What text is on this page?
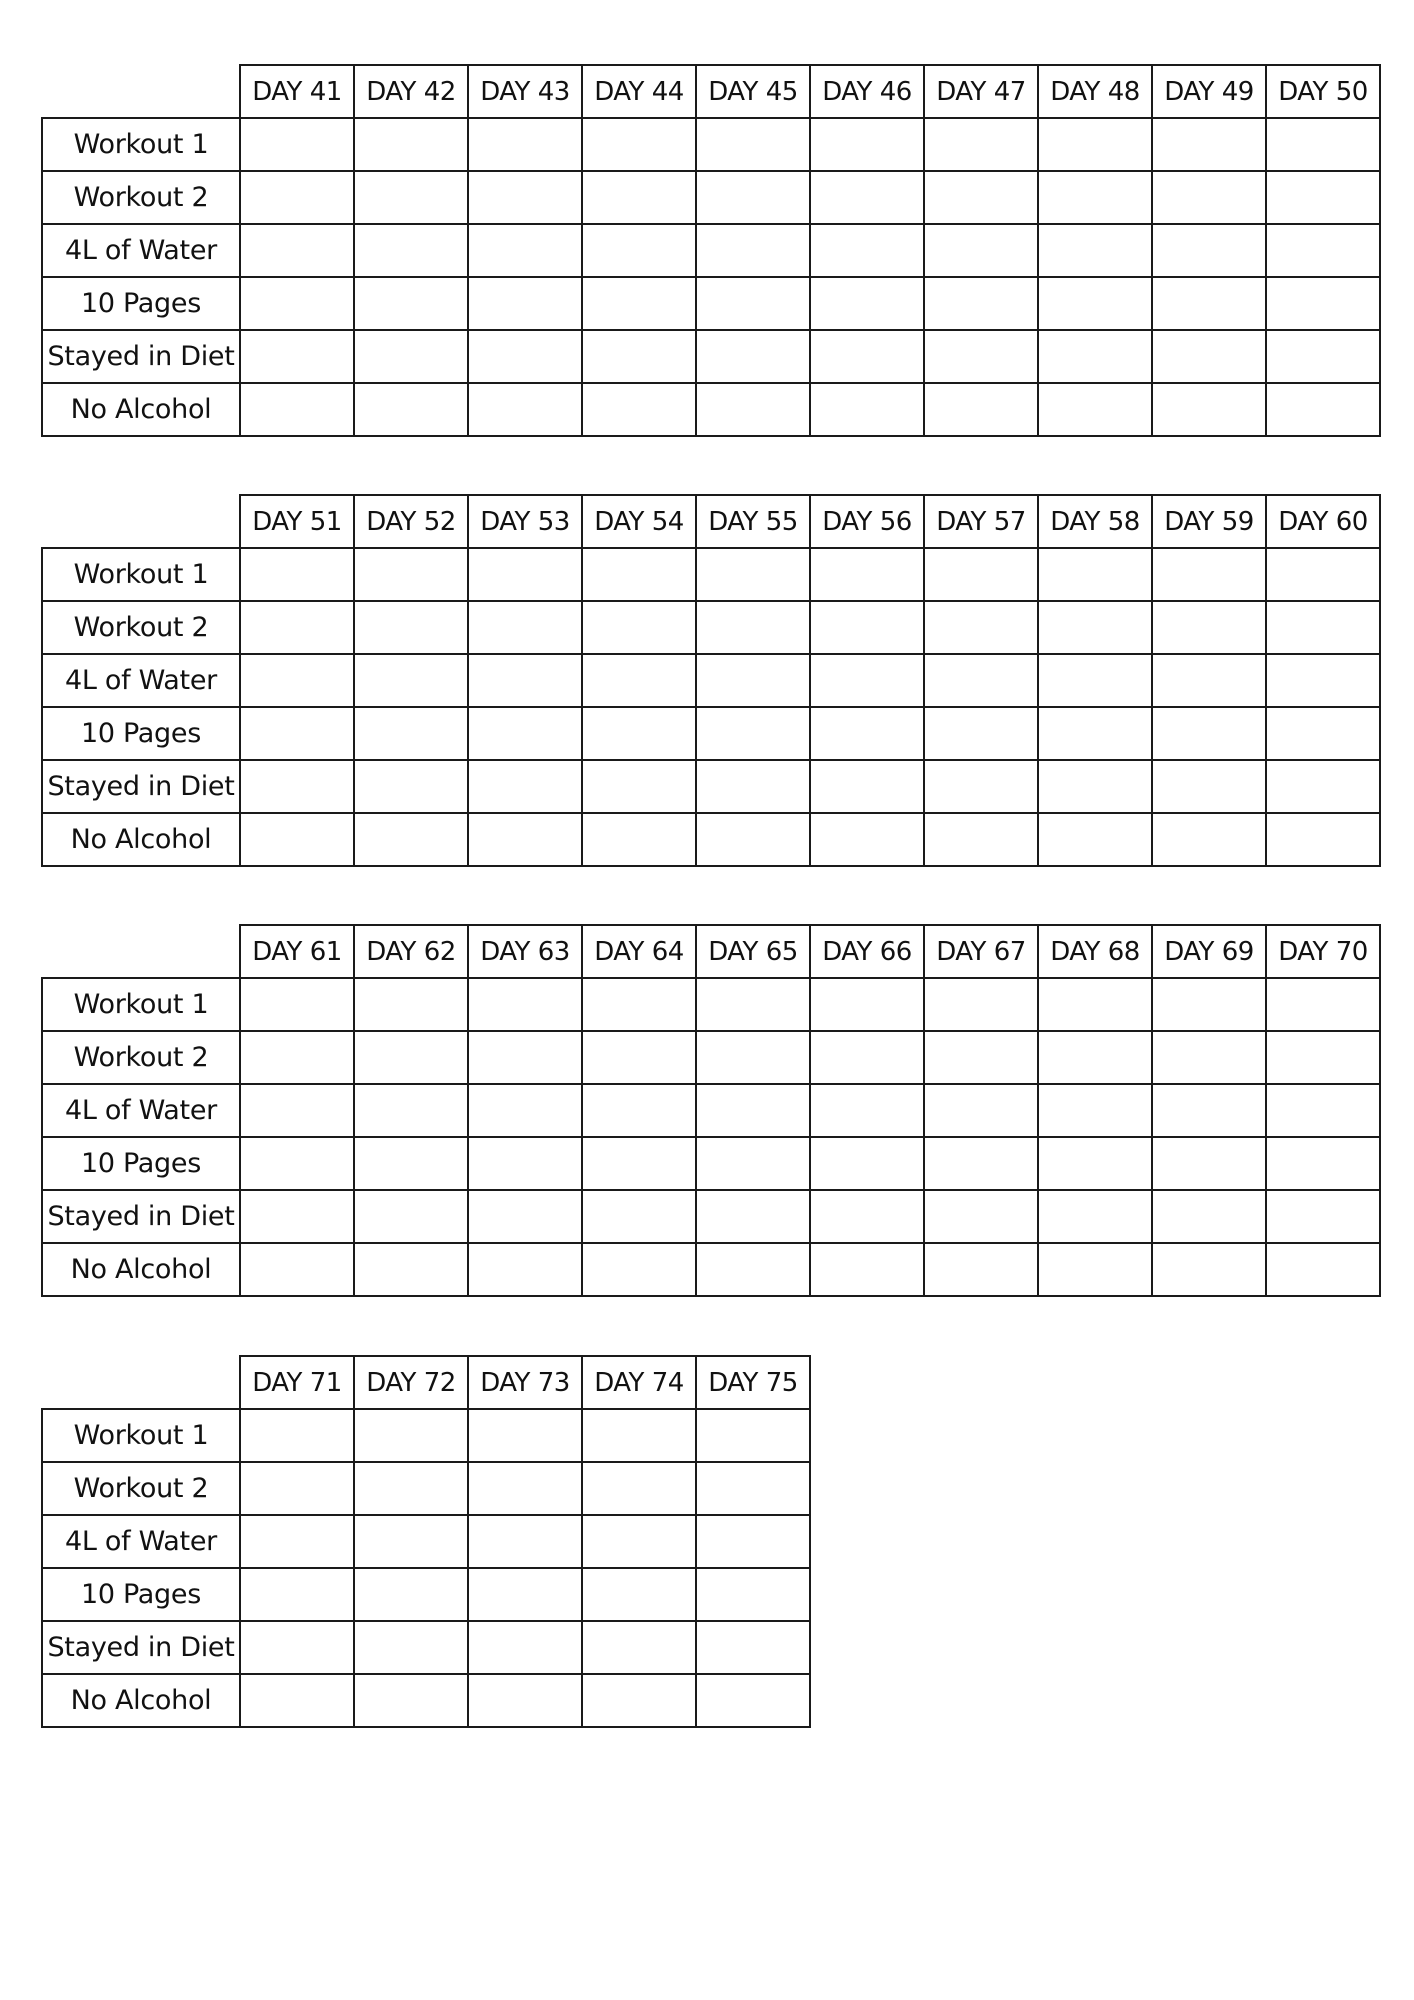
	DAY 41	DAY 42	DAY 43	DAY 44	DAY 45	DAY 46	DAY 47	DAY 48	DAY 49	DAY 50
Workout 1										
Workout 2										
4L of Water										
10 Pages										
Stayed in Diet										
No Alcohol										
	DAY 51	DAY 52	DAY 53	DAY 54	DAY 55	DAY 56	DAY 57	DAY 58	DAY 59	DAY 60
Workout 1										
Workout 2										
4L of Water										
10 Pages										
Stayed in Diet										
No Alcohol										
	DAY 61	DAY 62	DAY 63	DAY 64	DAY 65	DAY 66	DAY 67	DAY 68	DAY 69	DAY 70
Workout 1										
Workout 2										
4L of Water										
10 Pages										
Stayed in Diet										
No Alcohol										
	DAY 71	DAY 72	DAY 73	DAY 74	DAY 75
Workout 1					
Workout 2					
4L of Water					
10 Pages					
Stayed in Diet					
No Alcohol					
